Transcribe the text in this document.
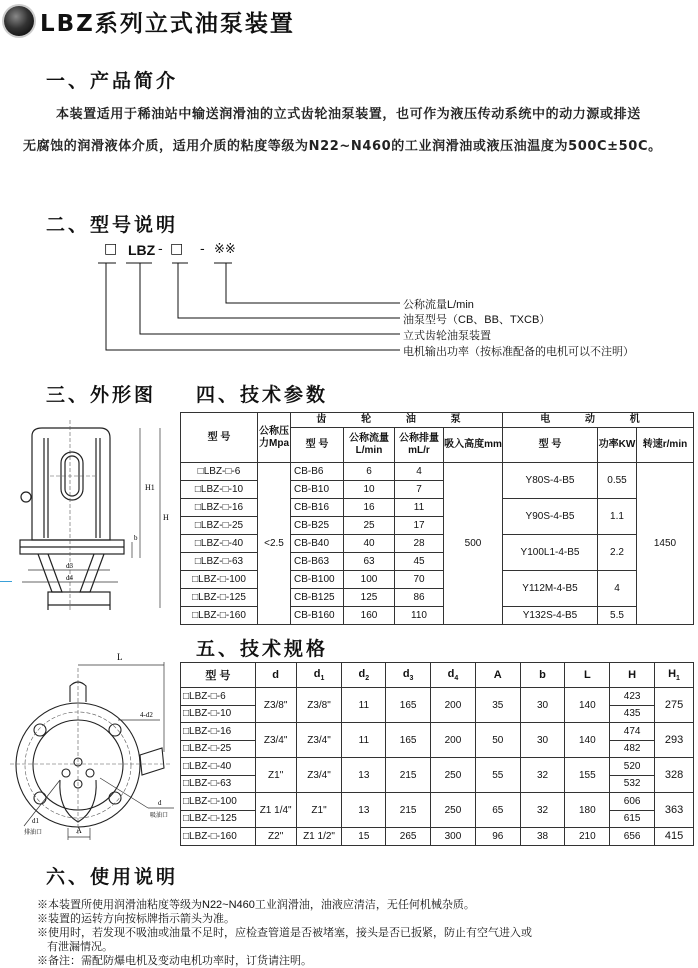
LBZ系列立式油泵装置
一、产品简介
本装置适用于稀油站中输送润滑油的立式齿轮油泵装置，也可作为液压传动系统中的动力源或排送
无腐蚀的润滑液体介质，适用介质的粘度等级为N22~N460的工业润滑油或液压油温度为500C±50C。
二、型号说明
□ LBZ - □ - ※※
公称流量L/min
油泵型号（CB、BB、TXCB）
立式齿轮油泵装置
电机输出功率（按标准配备的电机可以不注明）
三、外形图 四、技术参数
H1
H
b
d3
d4
型 号	公称压力Mpa	齿 轮 油 泵				电 动 机		
		型 号	公称流量L/min	公称排量mL/r	吸入高度mm	型 号	功率KW	转速r/min
□LBZ-□-6	<2.5	CB-B6	6	4	500	Y80S-4-B5	0.55	1450
□LBZ-□-10		CB-B10	10	7				
□LBZ-□-16		CB-B16	16	11		Y90S-4-B5	1.1	
□LBZ-□-25		CB-B25	25	17				
□LBZ-□-40		CB-B40	40	28		Y100L1-4-B5	2.2	
□LBZ-□-63		CB-B63	63	45				
□LBZ-□-100		CB-B100	100	70		Y112M-4-B5	4	
□LBZ-□-125		CB-B125	125	86				
□LBZ-□-160		CB-B160	160	110		Y132S-4-B5	5.5	
五、技术规格
L
4-d2
d
吸油口
d1
排油口	A
型 号	d	$d_1$	$d_2$	$d_3$	$d_4$	A	b	L	H	$H_1$
□LBZ-□-6	Z3/8"	Z3/8"	11	165	200	35	30	140	423	275
□LBZ-□-10									435	
□LBZ-□-16	Z3/4"	Z3/4"	11	165	200	50	30	140	474	293
□LBZ-□-25									482	
□LBZ-□-40	Z1"	Z3/4"	13	215	250	55	32	155	520	328
□LBZ-□-63									532	
□LBZ-□-100	Z1 1/4"	Z1"	13	215	250	65	32	180	606	363
□LBZ-□-125									615	
□LBZ-□-160	Z2"	Z1 1/2"	15	265	300	96	38	210	656	415
六、使用说明
※本装置所使用润滑油粘度等级为N22~N460工业润滑油，油液应清洁，无任何机械杂质。
※装置的运转方向按标牌指示箭头为准。
※使用时，若发现不吸油或油量不足时，应检查管道是否被堵塞，接头是否已扳紧，防止有空气进入或
有泄漏情况。
※备注：需配防爆电机及变动电机功率时，订货请注明。
